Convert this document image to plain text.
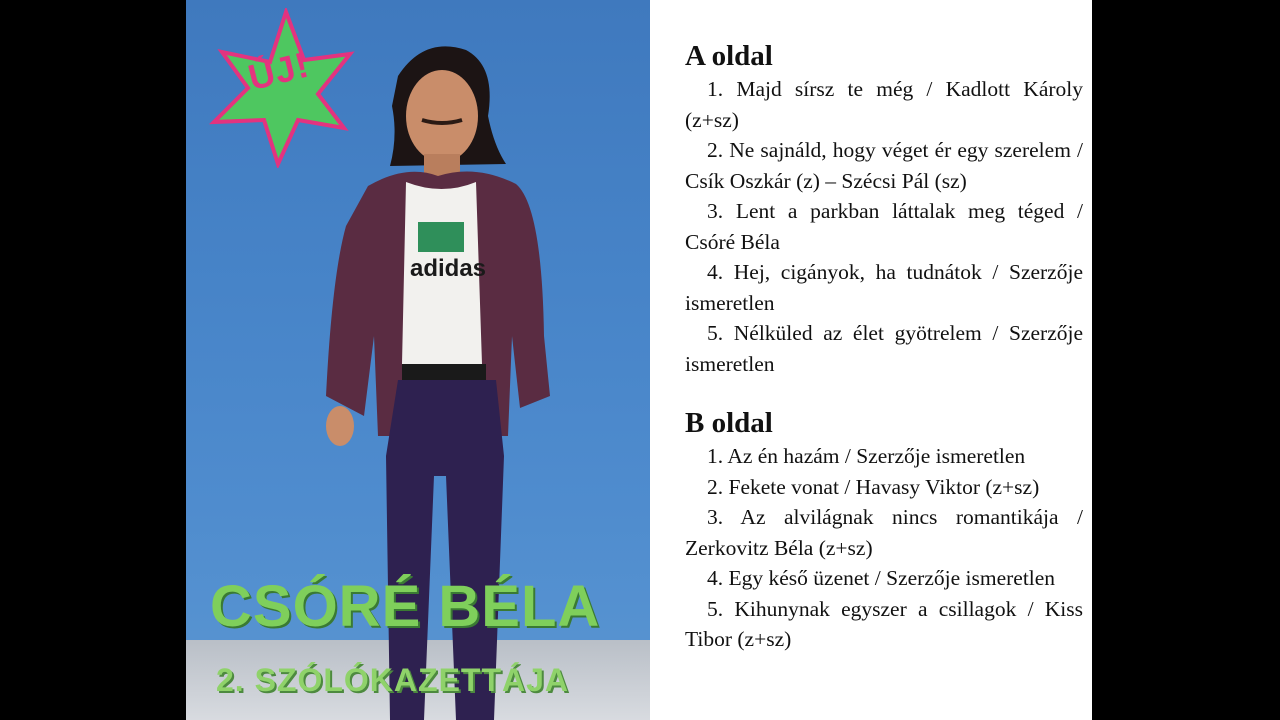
ÚJ!
adidas
CSÓRÉ BÉLA
2. SZÓLÓKAZETTÁJA
A oldal

1. Majd sírsz te még / Kadlott Károly (z+sz)

2. Ne sajnáld, hogy véget ér egy szerelem / Csík Oszkár (z) – Szécsi Pál (sz)

3. Lent a parkban láttalak meg téged / Csóré Béla

4. Hej, cigányok, ha tudnátok / Szerzője ismeretlen

5. Nélküled az élet gyötrelem / Szerzője ismeretlen

B oldal

1. Az én hazám / Szerzője ismeretlen

2. Fekete vonat / Havasy Viktor (z+sz)

3. Az alvilágnak nincs romantikája / Zerkovitz Béla (z+sz)

4. Egy késő üzenet / Szerzője ismeretlen

5. Kihunynak egyszer a csillagok / Kiss Tibor (z+sz)
